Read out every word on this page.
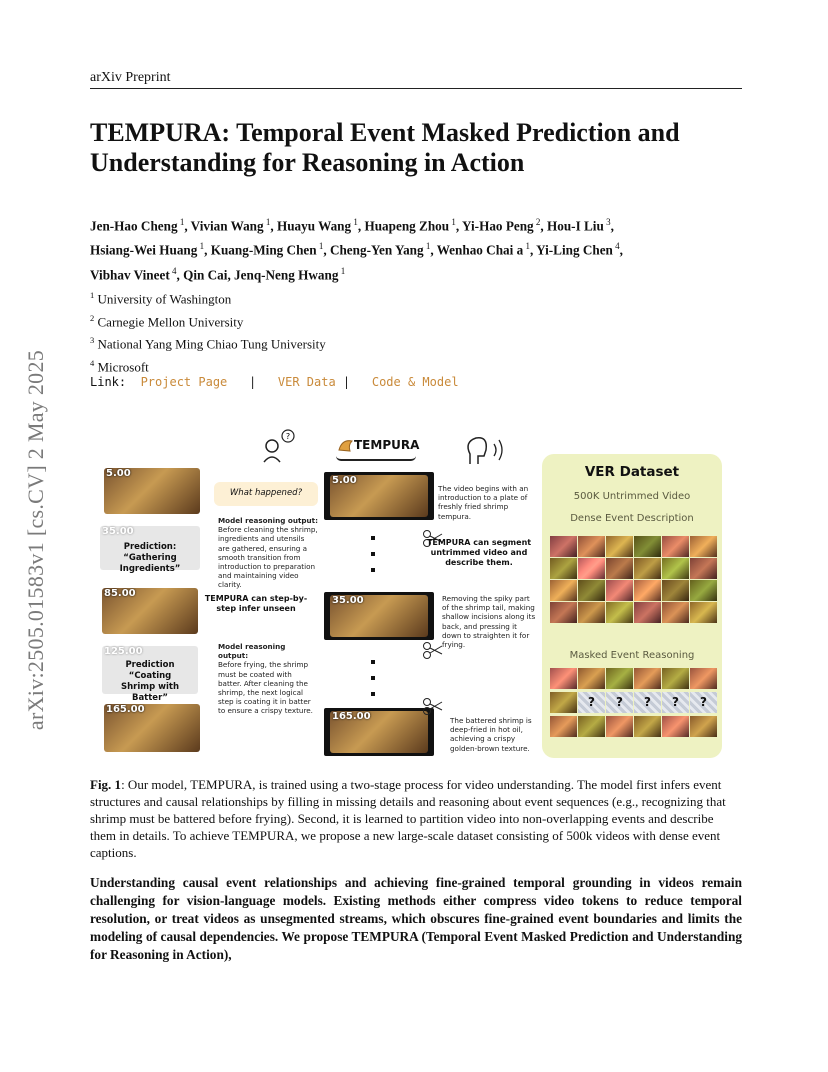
arXiv:2505.01583v1 [cs.CV] 2 May 2025
arXiv Preprint
TEMPURA: Temporal Event Masked Prediction and Understanding for Reasoning in Action
Jen-Hao Cheng $^1$, Vivian Wang $^1$, Huayu Wang $^1$, Huapeng Zhou $^1$, Yi-Hao Peng $^2$, Hou-I Liu $^3$,
Hsiang-Wei Huang $^1$, Kuang-Ming Chen $^1$, Cheng-Yen Yang $^1$, Wenhao Chai a $^1$, Yi-Ling Chen $^4$,
Vibhav Vineet $^4$, Qin Cai, Jenq-Neng Hwang $^1$
$^1$ University of Washington
$^2$ Carnegie Mellon University
$^3$ National Yang Ming Chiao Tung University
$^4$ Microsoft
Link:
Project Page
|
VER Data
|
Code & Model
?
TEMPURA
5.00
35.00
Prediction:
“Gathering Ingredients”
85.00
125.00
Prediction
“Coating Shrimp with Batter”
165.00
What happened?
Model reasoning output:
Before cleaning the shrimp, ingredients and utensils are gathered, ensuring a smooth transition from introduction to preparation and maintaining video clarity.
TEMPURA can step-by-step infer unseen
Model reasoning output:
Before frying, the shrimp must be coated with batter. After cleaning the shrimp, the next logical step is coating it in batter to ensure a crispy texture.
5.00
35.00
165.00
The video begins with an introduction to a plate of freshly fried shrimp tempura.
TEMPURA can segment untrimmed video and describe them.
Removing the spiky part of the shrimp tail, making shallow incisions along its back, and pressing it down to straighten it for frying.
The battered shrimp is deep-fried in hot oil, achieving a crispy golden-brown texture.
VER Dataset
500K Untrimmed Video
Dense Event Description
Masked Event Reasoning
?	?	?	?	?
Fig. 1: Our model, TEMPURA, is trained using a two-stage process for video understanding. The model first infers event structures and causal relationships by filling in missing details and reasoning about event sequences (e.g., recognizing that shrimp must be battered before frying). Second, it is learned to partition video into non-overlapping events and describe them in details. To achieve TEMPURA, we propose a new large-scale dataset consisting of 500k videos with dense event captions.
Understanding causal event relationships and achieving fine-grained temporal grounding in videos remain challenging for vision-language models. Existing methods either compress video tokens to reduce temporal resolution, or treat videos as unsegmented streams, which obscures fine-grained event boundaries and limits the modeling of causal dependencies. We propose TEMPURA (Temporal Event Masked Prediction and Understanding for Reasoning in Action),
